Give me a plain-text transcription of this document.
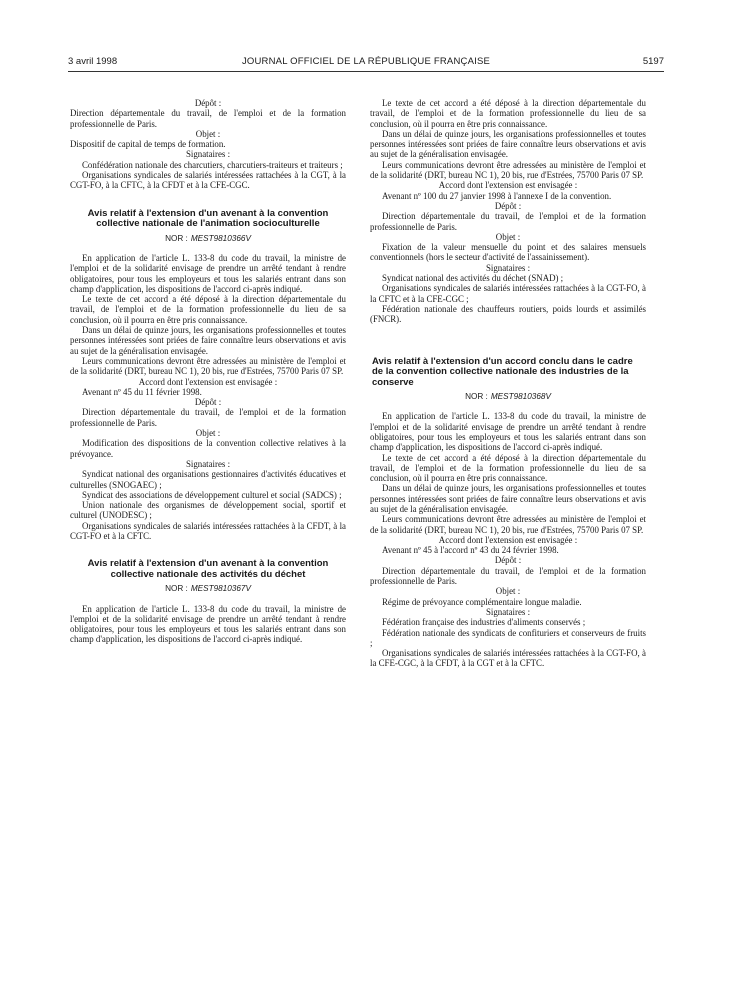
3 avril 1998	JOURNAL OFFICIEL DE LA RÉPUBLIQUE FRANÇAISE	5197

Dépôt :

Direction départementale du travail, de l'emploi et de la formation professionnelle de Paris.

Objet :

Dispositif de capital de temps de formation.

Signataires :

Confédération nationale des charcutiers, charcutiers-traiteurs et traiteurs ;

Organisations syndicales de salariés intéressées rattachées à la CGT, à la CGT-FO, à la CFTC, à la CFDT et à la CFE-CGC.

Avis relatif à l'extension d'un avenant à la convention collective nationale de l'animation socioculturelle
NOR : MEST9810366V

En application de l'article L. 133-8 du code du travail, la ministre de l'emploi et de la solidarité envisage de prendre un arrêté tendant à rendre obligatoires, pour tous les employeurs et tous les salariés entrant dans son champ d'application, les dispositions de l'accord ci-après indiqué.

Le texte de cet accord a été déposé à la direction départementale du travail, de l'emploi et de la formation professionnelle du lieu de sa conclusion, où il pourra en être pris connaissance.

Dans un délai de quinze jours, les organisations professionnelles et toutes personnes intéressées sont priées de faire connaître leurs observations et avis au sujet de la généralisation envisagée.

Leurs communications devront être adressées au ministère de l'emploi et de la solidarité (DRT, bureau NC 1), 20 bis, rue d'Estrées, 75700 Paris 07 SP.

Accord dont l'extension est envisagée :

Avenant nº 45 du 11 février 1998.

Dépôt :

Direction départementale du travail, de l'emploi et de la formation professionnelle de Paris.

Objet :

Modification des dispositions de la convention collective relatives à la prévoyance.

Signataires :

Syndicat national des organisations gestionnaires d'activités éducatives et culturelles (SNOGAEC) ;

Syndicat des associations de développement culturel et social (SADCS) ;

Union nationale des organismes de développement social, sportif et culturel (UNODESC) ;

Organisations syndicales de salariés intéressées rattachées à la CFDT, à la CGT-FO et à la CFTC.

Avis relatif à l'extension d'un avenant à la convention collective nationale des activités du déchet
NOR : MEST9810367V

En application de l'article L. 133-8 du code du travail, la ministre de l'emploi et de la solidarité envisage de prendre un arrêté tendant à rendre obligatoires, pour tous les employeurs et tous les salariés entrant dans son champ d'application, les dispositions de l'accord ci-après indiqué.

Le texte de cet accord a été déposé à la direction départementale du travail, de l'emploi et de la formation professionnelle du lieu de sa conclusion, où il pourra en être pris connaissance.

Dans un délai de quinze jours, les organisations professionnelles et toutes personnes intéressées sont priées de faire connaître leurs observations et avis au sujet de la généralisation envisagée.

Leurs communications devront être adressées au ministère de l'emploi et de la solidarité (DRT, bureau NC 1), 20 bis, rue d'Estrées, 75700 Paris 07 SP.

Accord dont l'extension est envisagée :

Avenant nº 100 du 27 janvier 1998 à l'annexe I de la convention.

Dépôt :

Direction départementale du travail, de l'emploi et de la formation professionnelle de Paris.

Objet :

Fixation de la valeur mensuelle du point et des salaires mensuels conventionnels (hors le secteur d'activité de l'assainissement).

Signataires :

Syndicat national des activités du déchet (SNAD) ;

Organisations syndicales de salariés intéressées rattachées à la CGT-FO, à la CFTC et à la CFE-CGC ;

Fédération nationale des chauffeurs routiers, poids lourds et assimilés (FNCR).

Avis relatif à l'extension d'un accord conclu dans le cadre de la convention collective nationale des industries de la conserve
NOR : MEST9810368V

En application de l'article L. 133-8 du code du travail, la ministre de l'emploi et de la solidarité envisage de prendre un arrêté tendant à rendre obligatoires, pour tous les employeurs et tous les salariés entrant dans son champ d'application, les dispositions de l'accord ci-après indiqué.

Le texte de cet accord a été déposé à la direction départementale du travail, de l'emploi et de la formation professionnelle du lieu de sa conclusion, où il pourra en être pris connaissance.

Dans un délai de quinze jours, les organisations professionnelles et toutes personnes intéressées sont priées de faire connaître leurs observations et avis au sujet de la généralisation envisagée.

Leurs communications devront être adressées au ministère de l'emploi et de la solidarité (DRT, bureau NC 1), 20 bis, rue d'Estrées, 75700 Paris 07 SP.

Accord dont l'extension est envisagée :

Avenant nº 45 à l'accord nº 43 du 24 février 1998.

Dépôt :

Direction départementale du travail, de l'emploi et de la formation professionnelle de Paris.

Objet :

Régime de prévoyance complémentaire longue maladie.

Signataires :

Fédération française des industries d'aliments conservés ;

Fédération nationale des syndicats de confituriers et conserveurs de fruits ;

Organisations syndicales de salariés intéressées rattachées à la CGT-FO, à la CFE-CGC, à la CFDT, à la CGT et à la CFTC.
